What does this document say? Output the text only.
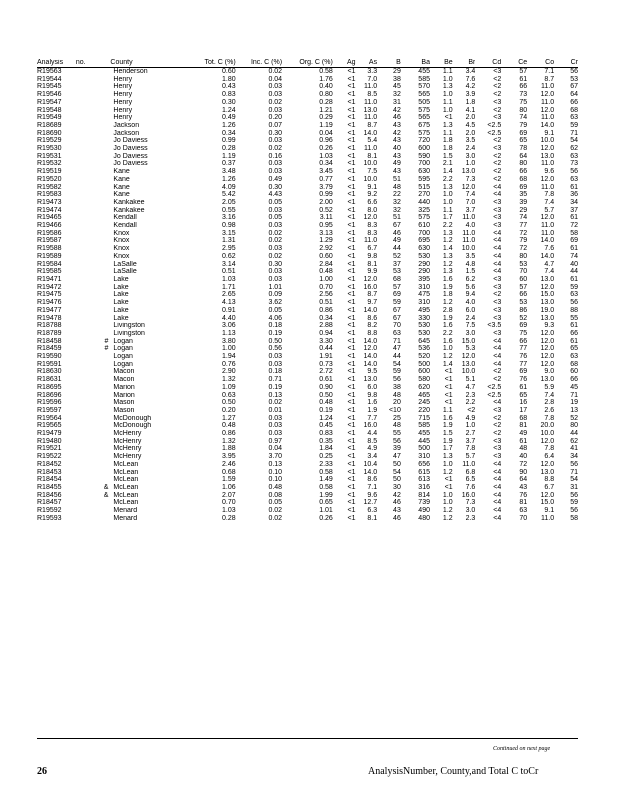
Analysis	no.	County	Tot. C (%)	Inc. C (%)	Org. C (%)	Ag	As	B	Ba	Be	Br	Cd	Ce	Co	Cr
R19563		Henderson	0.60	0.02	0.58	<1	3.3	29	455	1.1	3.4	<3	57	7.1	56
R19544		Henry	1.80	0.04	1.76	<1	7.0	38	585	1.0	7.6	<2	61	8.7	53
R19545		Henry	0.43	0.03	0.40	<1	11.0	45	570	1.3	4.2	<2	66	11.0	67
R19546		Henry	0.83	0.03	0.80	<1	8.5	32	565	1.0	3.9	<2	73	12.0	64
R19547		Henry	0.30	0.02	0.28	<1	11.0	31	505	1.1	1.8	<3	75	11.0	66
R19548		Henry	1.24	0.03	1.21	<1	13.0	42	575	1.0	4.1	<2	80	12.0	68
R19549		Henry	0.49	0.20	0.29	<1	11.0	46	565	<1	2.0	<3	74	11.0	63
R18689		Jackson	1.26	0.07	1.19	<1	8.7	43	675	1.3	4.5	<2.5	79	14.0	59
R18690		Jackson	0.34	0.30	0.04	<1	14.0	42	575	1.1	2.0	<2.5	69	9.1	71
R19529		Jo Daviess	0.99	0.03	0.96	<1	5.4	43	720	1.8	3.5	<2	65	10.0	54
R19530		Jo Daviess	0.28	0.02	0.26	<1	11.0	40	600	1.8	2.4	<3	78	12.0	62
R19531		Jo Daviess	1.19	0.16	1.03	<1	8.1	43	590	1.5	3.0	<2	64	13.0	63
R19532		Jo Daviess	0.37	0.03	0.34	<1	10.0	49	700	2.1	1.0	<2	80	11.0	73
R19519		Kane	3.48	0.03	3.45	<1	7.5	43	630	1.4	13.0	<2	66	9.6	56
R19520		Kane	1.26	0.49	0.77	<1	10.0	51	595	2.2	7.3	<2	68	12.0	63
R19582		Kane	4.09	0.30	3.79	<1	9.1	48	515	1.3	12.0	<4	69	11.0	61
R19583		Kane	5.42	4.43	0.99	<1	9.2	22	270	1.0	7.4	<4	35	7.8	36
R19473		Kankakee	2.05	0.05	2.00	<1	6.6	32	440	1.0	7.0	<3	39	7.4	34
R19474		Kankakee	0.55	0.03	0.52	<1	8.0	32	325	1.1	3.7	<3	29	5.7	37
R19465		Kendall	3.16	0.05	3.11	<1	12.0	51	575	1.7	11.0	<3	74	12.0	61
R19466		Kendall	0.98	0.03	0.95	<1	8.3	67	610	2.2	4.0	<3	77	11.0	72
R19586		Knox	3.15	0.02	3.13	<1	8.3	46	700	1.3	11.0	<4	72	11.0	58
R19587		Knox	1.31	0.02	1.29	<1	11.0	49	695	1.2	11.0	<4	79	14.0	69
R19588		Knox	2.95	0.03	2.92	<1	6.7	44	630	1.4	10.0	<4	72	7.6	61
R19589		Knox	0.62	0.02	0.60	<1	9.8	52	530	1.3	3.5	<4	80	14.0	74
R19584		LaSalle	3.14	0.30	2.84	<1	8.1	37	290	1.2	4.8	<4	53	4.7	40
R19585		LaSalle	0.51	0.03	0.48	<1	9.9	53	290	1.3	1.5	<4	70	7.4	44
R19471		Lake	1.03	0.03	1.00	<1	12.0	68	395	1.6	6.2	<3	60	13.0	61
R19472		Lake	1.71	1.01	0.70	<1	16.0	57	310	1.9	5.6	<3	57	12.0	59
R19475		Lake	2.65	0.09	2.56	<1	8.7	69	475	1.8	9.4	<2	66	15.0	63
R19476		Lake	4.13	3.62	0.51	<1	9.7	59	310	1.2	4.0	<3	53	13.0	56
R19477		Lake	0.91	0.05	0.86	<1	14.0	67	495	2.8	6.0	<3	86	19.0	88
R19478		Lake	4.40	4.06	0.34	<1	8.6	67	330	1.9	2.4	<3	52	13.0	55
R18788		Livingston	3.06	0.18	2.88	<1	8.2	70	530	1.6	7.5	<3.5	69	9.3	61
R18789		Livingston	1.13	0.19	0.94	<1	8.8	63	530	2.2	3.0	<3	75	12.0	66
R18458	#	Logan	3.80	0.50	3.30	<1	14.0	71	645	1.6	15.0	<4	66	12.0	61
R18459	#	Logan	1.00	0.56	0.44	<1	12.0	47	536	1.0	5.3	<4	77	12.0	65
R19590		Logan	1.94	0.03	1.91	<1	14.0	44	520	1.2	12.0	<4	76	12.0	63
R19591		Logan	0.76	0.03	0.73	<1	14.0	54	500	1.4	13.0	<4	77	12.0	68
R18630		Macon	2.90	0.18	2.72	<1	9.5	59	600	<1	10.0	<2	69	9.0	60
R18631		Macon	1.32	0.71	0.61	<1	13.0	56	580	<1	5.1	<2	76	13.0	66
R18695		Marion	1.09	0.19	0.90	<1	6.0	38	620	<1	4.7	<2.5	61	5.9	45
R18696		Marion	0.63	0.13	0.50	<1	9.8	48	465	<1	2.3	<2.5	65	7.4	71
R19596		Mason	0.50	0.02	0.48	<1	1.6	20	245	<1	2.2	<4	16	2.8	19
R19597		Mason	0.20	0.01	0.19	<1	1.9	<10	220	1.1	<2	<3	17	2.6	13
R19564		McDonough	1.27	0.03	1.24	<1	7.7	25	715	1.6	4.9	<2	68	7.8	52
R19565		McDonough	0.48	0.03	0.45	<1	16.0	48	585	1.9	1.0	<2	81	20.0	80
R19479		McHenry	0.86	0.03	0.83	<1	4.4	55	455	1.5	2.7	<2	49	10.0	44
R19480		McHenry	1.32	0.97	0.35	<1	8.5	56	445	1.9	3.7	<3	61	12.0	62
R19521		McHenry	1.88	0.04	1.84	<1	4.9	39	500	1.7	7.8	<3	48	7.8	41
R19522		McHenry	3.95	3.70	0.25	<1	3.4	47	310	1.3	5.7	<3	40	6.4	34
R18452		McLean	2.46	0.13	2.33	<1	10.4	50	656	1.0	11.0	<4	72	12.0	56
R18453		McLean	0.68	0.10	0.58	<1	14.0	54	615	1.2	6.8	<4	90	13.0	71
R18454		McLean	1.59	0.10	1.49	<1	8.6	50	613	<1	6.5	<4	64	8.8	54
R18455	&	McLean	1.06	0.48	0.58	<1	7.1	30	316	<1	7.6	<4	43	6.7	31
R18456	&	McLean	2.07	0.08	1.99	<1	9.6	42	814	1.0	16.0	<4	76	12.0	56
R18457		McLean	0.70	0.05	0.65	<1	12.7	46	739	1.0	7.3	<4	81	15.0	59
R19592		Menard	1.03	0.02	1.01	<1	6.3	43	490	1.2	3.0	<4	63	9.1	56
R19593		Menard	0.28	0.02	0.26	<1	8.1	46	480	1.2	2.3	<4	70	11.0	58
Continued on next page
26	AnalysisNumber, County,and Total C toCr
